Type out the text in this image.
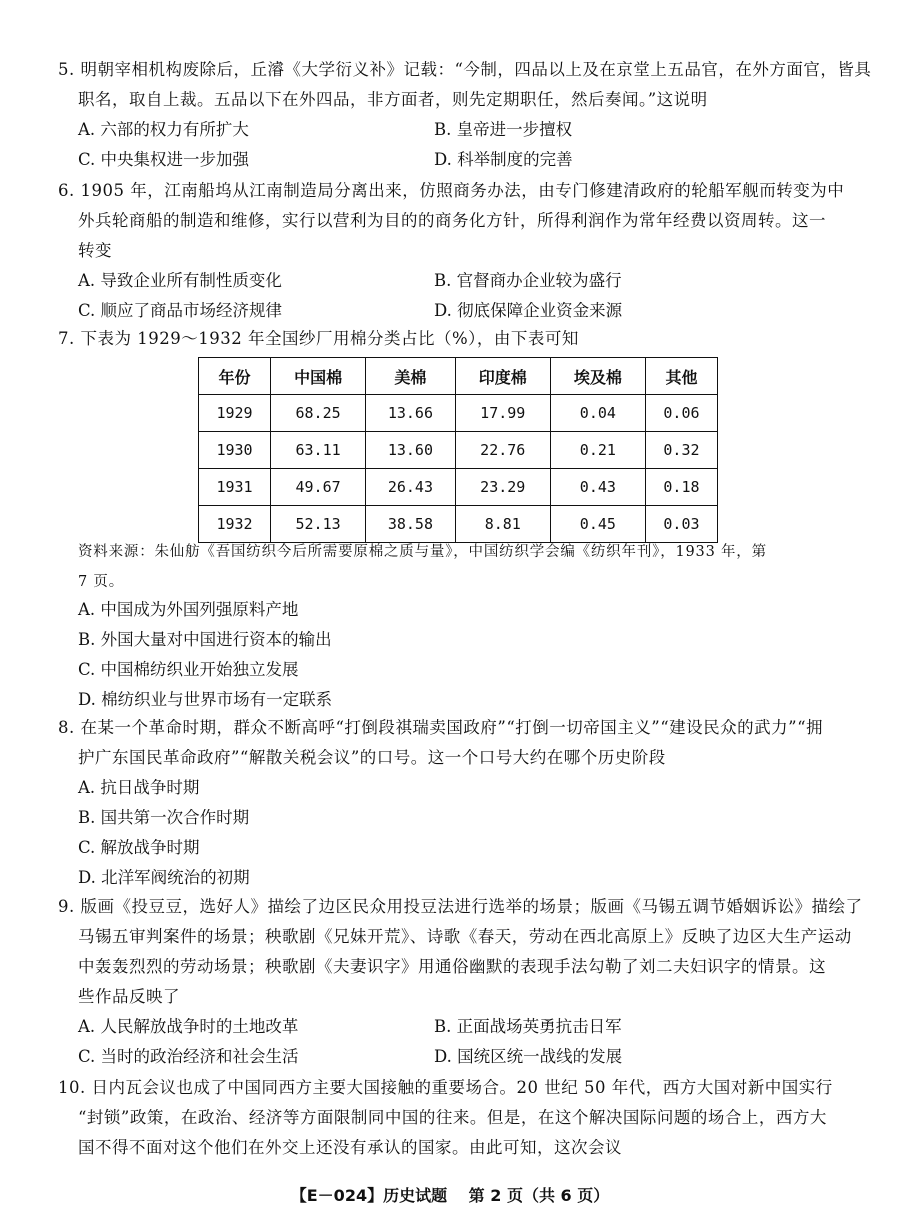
5. 明朝宰相机构废除后，丘濬《大学衍义补》记载：“今制，四品以上及在京堂上五品官，在外方面官，皆具
职名，取自上裁。五品以下在外四品，非方面者，则先定期职任，然后奏闻。”这说明
A. 六部的权力有所扩大	B. 皇帝进一步擅权
C. 中央集权进一步加强	D. 科举制度的完善
6. 1905 年，江南船坞从江南制造局分离出来，仿照商务办法，由专门修建清政府的轮船军舰而转变为中
外兵轮商船的制造和维修，实行以营利为目的的商务化方针，所得利润作为常年经费以资周转。这一
转变
A. 导致企业所有制性质变化	B. 官督商办企业较为盛行
C. 顺应了商品市场经济规律	D. 彻底保障企业资金来源
7. 下表为 1929～1932 年全国纱厂用棉分类占比（%），由下表可知
年份	中国棉	美棉	印度棉	埃及棉	其他
1929	68.25	13.66	17.99	0.04	0.06
1930	63.11	13.60	22.76	0.21	0.32
1931	49.67	26.43	23.29	0.43	0.18
1932	52.13	38.58	8.81	0.45	0.03
资料来源：朱仙舫《吾国纺织今后所需要原棉之质与量》，中国纺织学会编《纺织年刊》，1933 年，第
7 页。
A. 中国成为外国列强原料产地
B. 外国大量对中国进行资本的输出
C. 中国棉纺织业开始独立发展
D. 棉纺织业与世界市场有一定联系
8. 在某一个革命时期，群众不断高呼“打倒段祺瑞卖国政府”“打倒一切帝国主义”“建设民众的武力”“拥
护广东国民革命政府”“解散关税会议”的口号。这一个口号大约在哪个历史阶段
A. 抗日战争时期
B. 国共第一次合作时期
C. 解放战争时期
D. 北洋军阀统治的初期
9. 版画《投豆豆，选好人》描绘了边区民众用投豆法进行选举的场景；版画《马锡五调节婚姻诉讼》描绘了
马锡五审判案件的场景；秧歌剧《兄妹开荒》、诗歌《春天，劳动在西北高原上》反映了边区大生产运动
中轰轰烈烈的劳动场景；秧歌剧《夫妻识字》用通俗幽默的表现手法勾勒了刘二夫妇识字的情景。这
些作品反映了
A. 人民解放战争时的土地改革	B. 正面战场英勇抗击日军
C. 当时的政治经济和社会生活	D. 国统区统一战线的发展
10. 日内瓦会议也成了中国同西方主要大国接触的重要场合。20 世纪 50 年代，西方大国对新中国实行
“封锁”政策，在政治、经济等方面限制同中国的往来。但是，在这个解决国际问题的场合上，西方大
国不得不面对这个他们在外交上还没有承认的国家。由此可知，这次会议
【E－024】历史试题 第 2 页（共 6 页）
